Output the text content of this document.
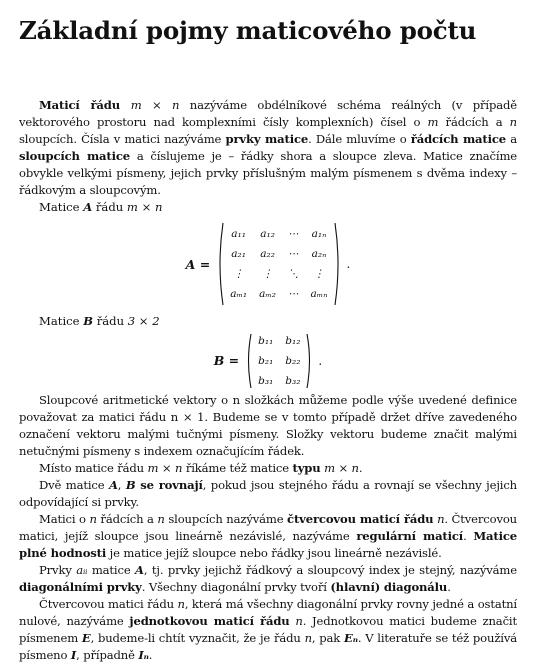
Základní pojmy maticového počtu

Maticí řádu m × n nazýváme obdélníkové schéma reálných (v případě vektorového prostoru nad komplexními čísly komplexních) čísel o m řádcích a n sloupcích. Čísla v matici nazýváme prvky matice. Dále mluvíme o řádcích matice a sloupcích matice a číslujeme je – řádky shora a sloupce zleva. Matice značíme obvykle velkými písmeny, jejich prvky příslušným malým písmenem s dvěma indexy – řádkovým a sloupcovým.

Matice A řádu m × n
A =
a₁₁	a₁₂	⋯	a₁ₙ
a₂₁	a₂₂	⋯	a₂ₙ
⋮	⋮	⋱	⋮
aₘ₁	aₘ₂	⋯	aₘₙ
.
Matice B řádu 3 × 2
B =
b₁₁	b₁₂
b₂₁	b₂₂
b₃₁	b₃₂
.

Sloupcové aritmetické vektory o n složkách můžeme podle výše uvedené definice považovat za matici řádu n × 1. Budeme se v tomto případě držet dříve zavedeného označení vektoru malými tučnými písmeny. Složky vektoru budeme značit malými netučnými písmeny s indexem označujícím řádek.

Místo matice řádu m × n říkáme též matice typu m × n.

Dvě matice A, B se rovnají, pokud jsou stejného řádu a rovnají se všechny jejich odpovídající si prvky.

Matici o n řádcích a n sloupcích nazýváme čtvercovou maticí řádu n. Čtvercovou matici, jejíž sloupce jsou lineárně nezávislé, nazýváme regulární maticí. Matice plné hodnosti je matice jejíž sloupce nebo řádky jsou lineárně nezávislé.

Prvky aᵢᵢ matice A, tj. prvky jejichž řádkový a sloupcový index je stejný, nazýváme diagonálními prvky. Všechny diagonální prvky tvoří (hlavní) diagonálu.

Čtvercovou matici řádu n, která má všechny diagonální prvky rovny jedné a ostatní nulové, nazýváme jednotkovou maticí řádu n. Jednotkovou matici budeme značit písmenem E, budeme-li chtít vyznačit, že je řádu n, pak Eₙ. V literatuře se též používá písmeno I, případně Iₙ.
